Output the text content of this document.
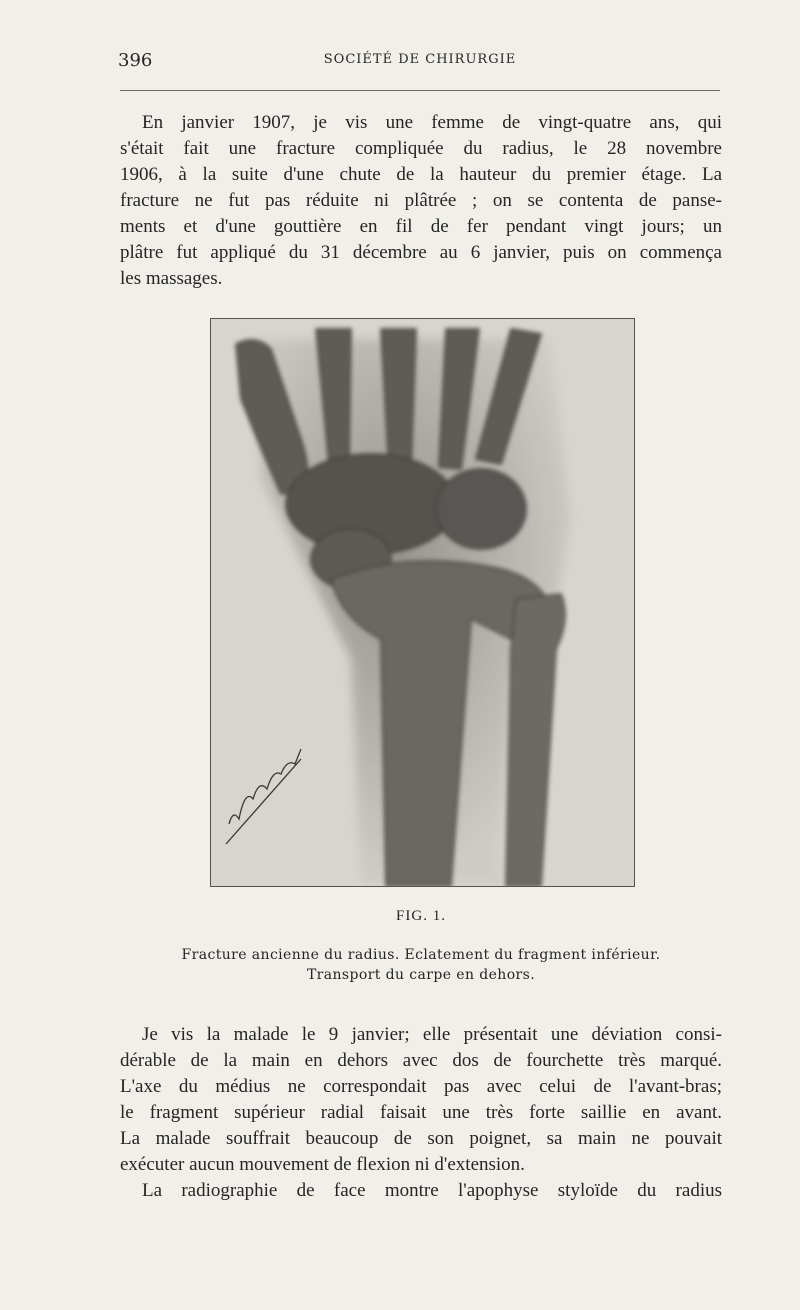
396	SOCIÉTÉ DE CHIRURGIE

En janvier 1907, je vis une femme de vingt-quatre ans, qui
s'était fait une fracture compliquée du radius, le 28 novembre
1906, à la suite d'une chute de la hauteur du premier étage. La
fracture ne fut pas réduite ni plâtrée ; on se contenta de panse-
ments et d'une gouttière en fil de fer pendant vingt jours; un
plâtre fut appliqué du 31 décembre au 6 janvier, puis on commença
les massages.

FIG. 1.
Fracture ancienne du radius. Eclatement du fragment inférieur.
Transport du carpe en dehors.

Je vis la malade le 9 janvier; elle présentait une déviation consi-
dérable de la main en dehors avec dos de fourchette très marqué.
L'axe du médius ne correspondait pas avec celui de l'avant-bras;
le fragment supérieur radial faisait une très forte saillie en avant.
La malade souffrait beaucoup de son poignet, sa main ne pouvait
exécuter aucun mouvement de flexion ni d'extension.
La radiographie de face montre l'apophyse styloïde du radius
